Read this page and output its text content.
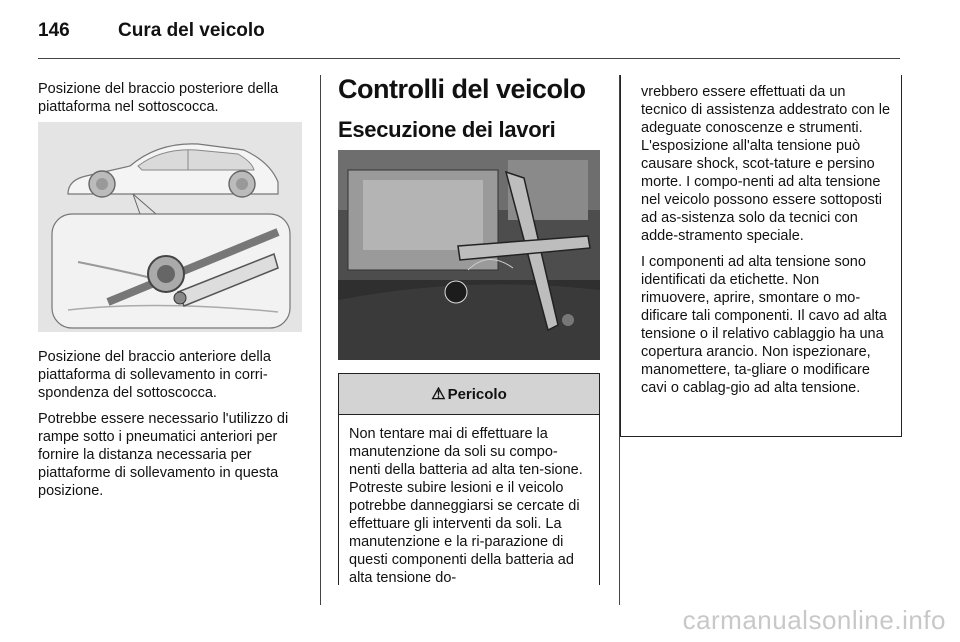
146	Cura del veicolo

Posizione del braccio posteriore della piattaforma nel sottoscocca.

Posizione del braccio anteriore della piattaforma di sollevamento in corri-spondenza del sottoscocca.

Potrebbe essere necessario l'utilizzo di rampe sotto i pneumatici anteriori per fornire la distanza necessaria per piattaforme di sollevamento in questa posizione.

Controlli del veicolo
Esecuzione dei lavori
⚠ Pericolo
Non tentare mai di effettuare la manutenzione da soli su compo-nenti della batteria ad alta ten-sione. Potreste subire lesioni e il veicolo potrebbe danneggiarsi se cercate di effettuare gli interventi da soli. La manutenzione e la ri-parazione di questi componenti della batteria ad alta tensione do-

vrebbero essere effettuati da un tecnico di assistenza addestrato con le adeguate conoscenze e strumenti. L'esposizione all'alta tensione può causare shock, scot-tature e persino morte. I compo-nenti ad alta tensione nel veicolo possono essere sottoposti ad as-sistenza solo da tecnici con adde-stramento speciale.

I componenti ad alta tensione sono identificati da etichette. Non rimuovere, aprire, smontare o mo-dificare tali componenti. Il cavo ad alta tensione o il relativo cablaggio ha una copertura arancio. Non ispezionare, manomettere, ta-gliare o modificare cavi o cablag-gio ad alta tensione.

carmanualsonline.info
